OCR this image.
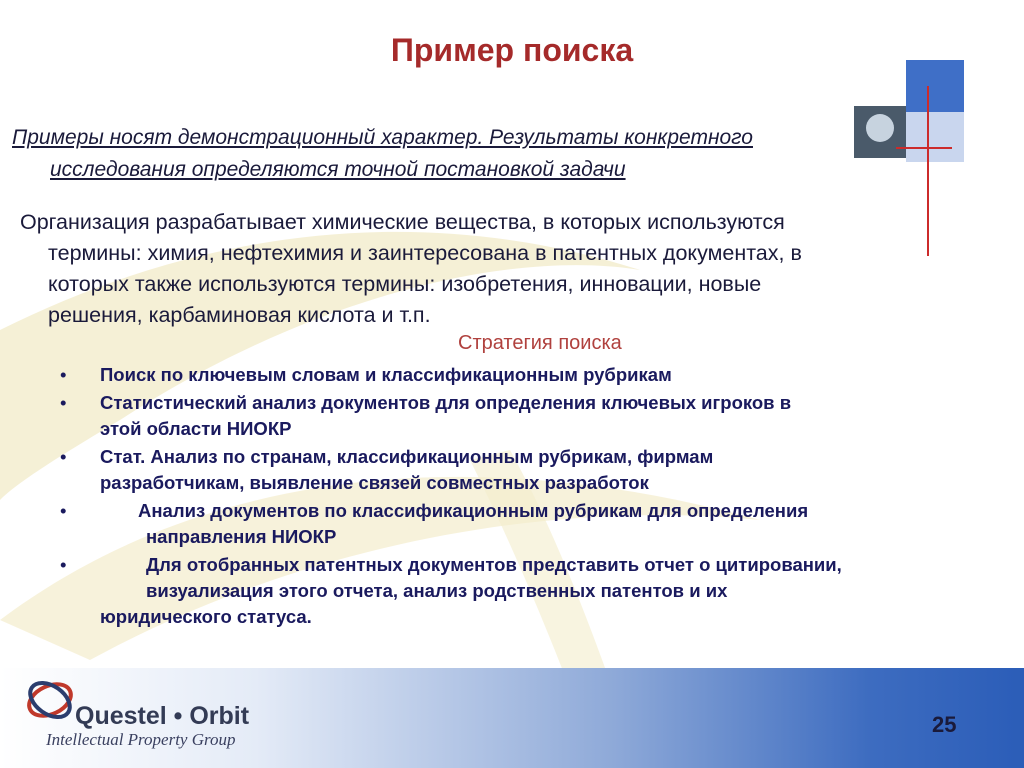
Пример поиска
Примеры носят демонстрационный характер. Результаты конкретного
исследования определяются точной постановкой задачи
Организация разрабатывает химические вещества, в которых используются
термины: химия, нефтехимия и заинтересована в патентных документах, в
которых также используются термины: изобретения, инновации, новые
решения, карбаминовая кислота и т.п.
Стратегия поиска
•	Поиск по ключевым словам и классификационным рубрикам
•	Статистический анализ документов для определения ключевых игроков в
этой области НИОКР
•	Стат. Анализ по странам, классификационным рубрикам, фирмам
разработчикам, выявление связей совместных разработок
•	Анализ документов по классификационным рубрикам для определения
направления НИОКР
•	Для отобранных патентных документов представить отчет о цитировании,
визуализация этого отчета, анализ родственных патентов и их
юридического статуса.
Questel • Orbit
Intellectual Property Group
25
